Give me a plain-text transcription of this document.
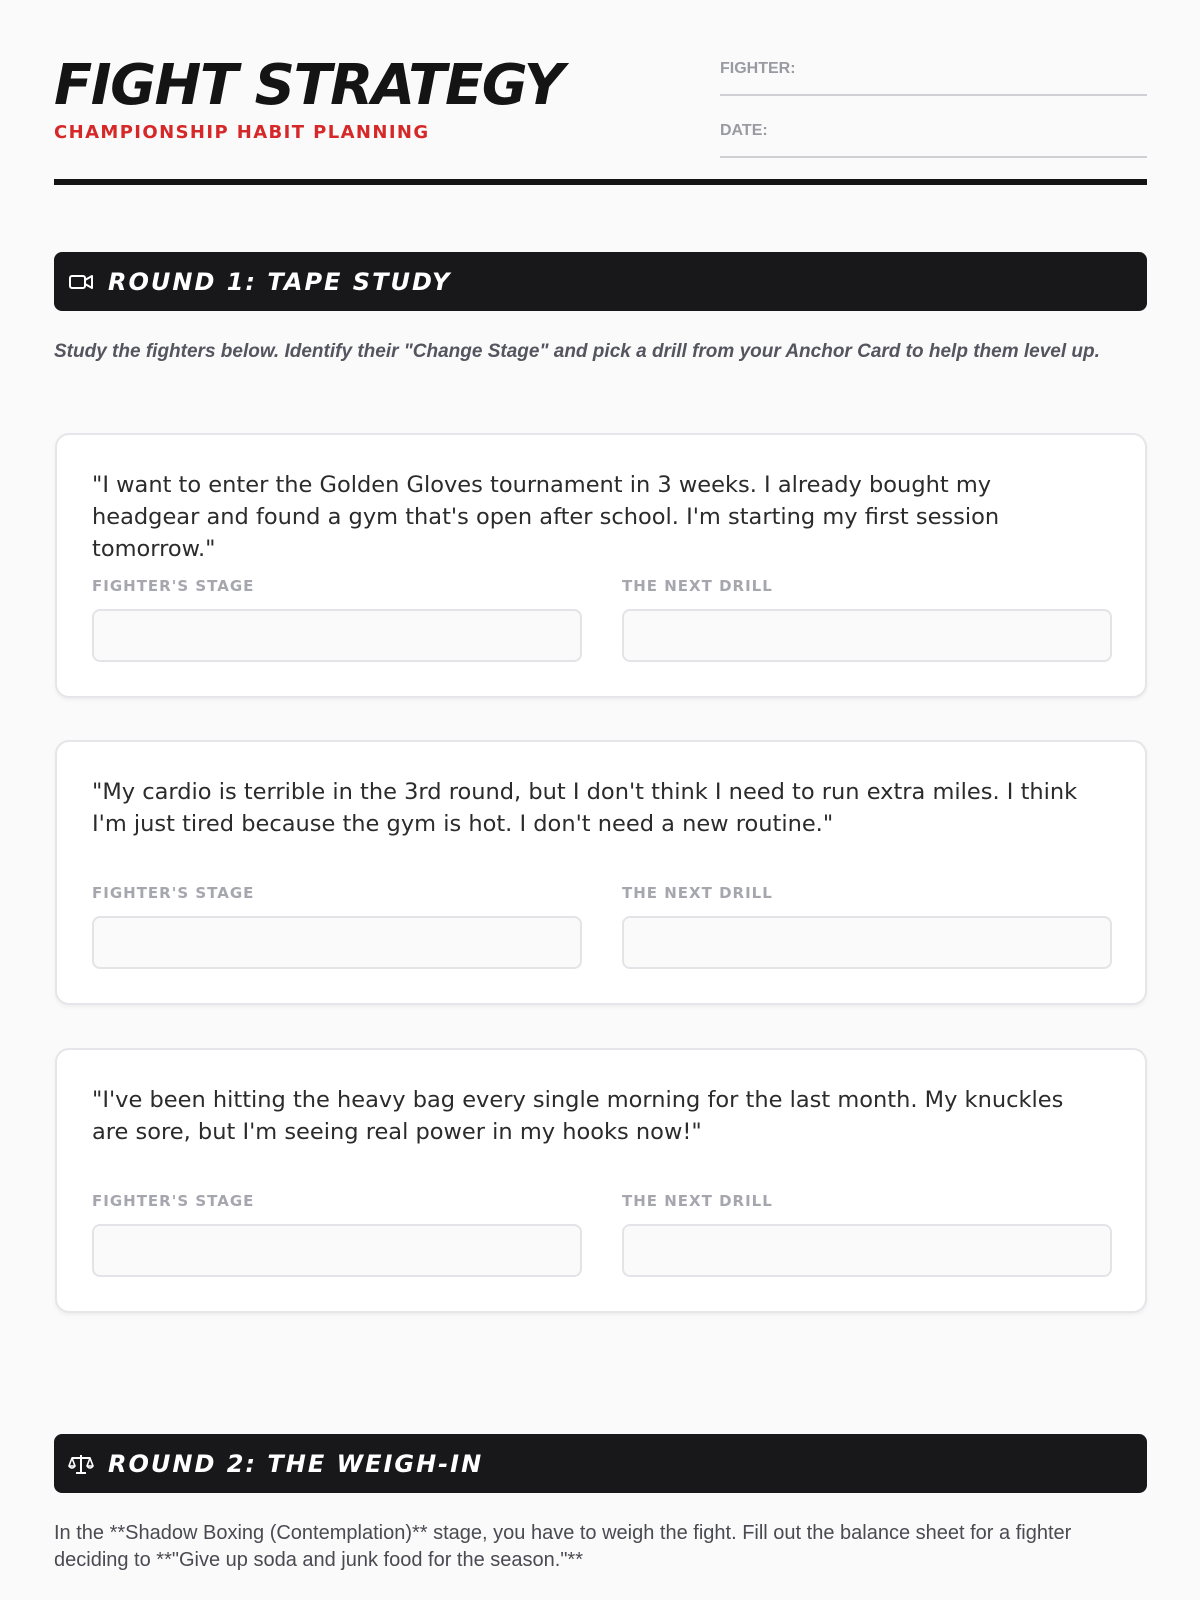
FIGHT STRATEGY
CHAMPIONSHIP HABIT PLANNING
FIGHTER:
DATE:
ROUND 1: TAPE STUDY
Study the fighters below. Identify their "Change Stage" and pick a drill from your Anchor Card to help them level up.
"I want to enter the Golden Gloves tournament in 3 weeks. I already bought my headgear and found a gym that's open after school. I'm starting my first session tomorrow."
FIGHTER'S STAGE	THE NEXT DRILL
"My cardio is terrible in the 3rd round, but I don't think I need to run extra miles. I think I'm just tired because the gym is hot. I don't need a new routine."
FIGHTER'S STAGE	THE NEXT DRILL
"I've been hitting the heavy bag every single morning for the last month. My knuckles are sore, but I'm seeing real power in my hooks now!"
FIGHTER'S STAGE	THE NEXT DRILL
ROUND 2: THE WEIGH-IN
In the **Shadow Boxing (Contemplation)** stage, you have to weigh the fight. Fill out the balance sheet for a fighter deciding to **"Give up soda and junk food for the season."**
